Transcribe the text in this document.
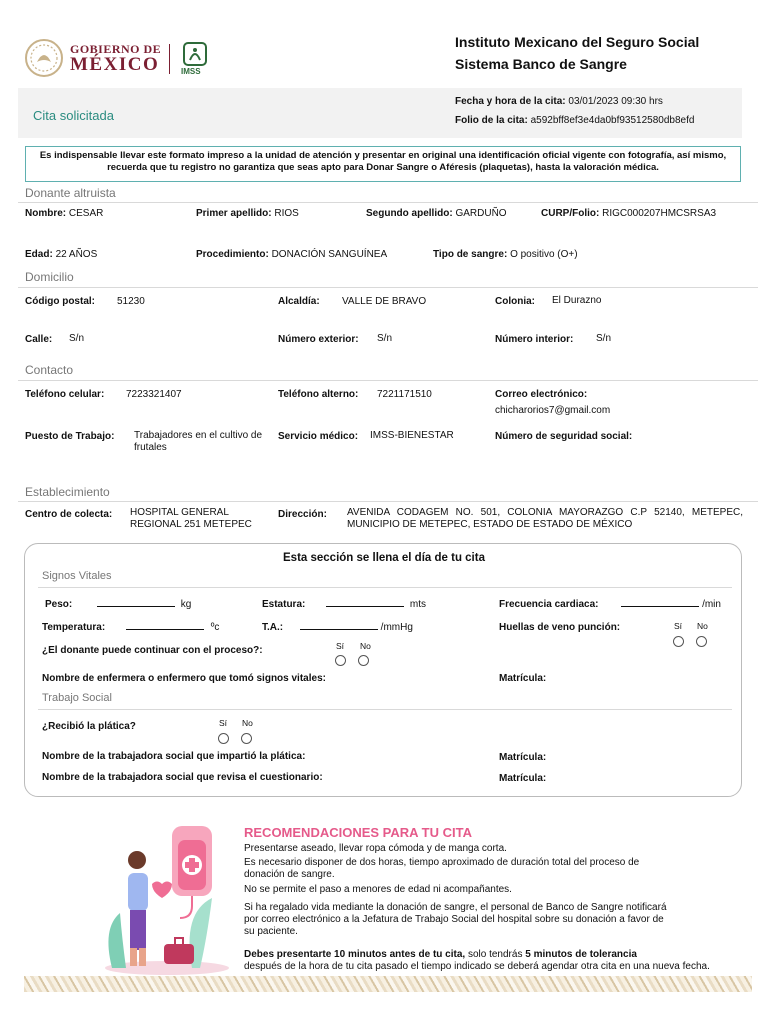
GOBIERNO DE
MÉXICO	IMSS
Instituto Mexicano del Seguro Social
Sistema Banco de Sangre
Cita solicitada
Fecha y hora de la cita: 03/01/2023 09:30 hrs
Folio de la cita: a592bff8ef3e4da0bf93512580db8efd
Es indispensable llevar este formato impreso a la unidad de atención y presentar en original una identificación oficial vigente con fotografía, así mismo, recuerda que tu registro no garantiza que seas apto para Donar Sangre o Aféresis (plaquetas), hasta la valoración médica.
Donante altruista
Nombre: CESAR	Primer apellido: RIOS	Segundo apellido: GARDUÑO	CURP/Folio: RIGC000207HMCSRSA3
Edad: 22 AÑOS	Procedimiento: DONACIÓN SANGUÍNEA	Tipo de sangre: O positivo (O+)
Domicilio
Código postal: 51230	Alcaldía: VALLE DE BRAVO	Colonia: El Durazno
Calle: S/n	Número exterior: S/n	Número interior: S/n
Contacto
Teléfono celular: 7223321407	Teléfono alterno: 7221171510	Correo electrónico:
chicharorios7@gmail.com
Puesto de Trabajo: Trabajadores en el cultivo de frutales
Servicio médico: IMSS-BIENESTAR	Número de seguridad social:
Establecimiento
Centro de colecta: HOSPITAL GENERAL REGIONAL 251 METEPEC
Dirección: AVENIDA CODAGEM NO. 501, COLONIA MAYORAZGO C.P 52140, METEPEC, MUNICIPIO DE METEPEC, ESTADO DE ESTADO DE MÉXICO
Esta sección se llena el día de tu cita
Signos Vitales
Peso:	kg	Estatura:	mts	Frecuencia cardiaca:	/min
Temperatura:	ºc	T.A.:	/mmHg	Huellas de veno punción:	Sí No
¿El donante puede continuar con el proceso?:	Sí No
Nombre de enfermera o enfermero que tomó signos vitales:	Matrícula:
Trabajo Social
¿Recibió la plática?	Sí No
Nombre de la trabajadora social que impartió la plática:	Matrícula:
Nombre de la trabajadora social que revisa el cuestionario:	Matrícula:
RECOMENDACIONES PARA TU CITA
Presentarse aseado, llevar ropa cómoda y de manga corta.
Es necesario disponer de dos horas, tiempo aproximado de duración total del proceso de donación de sangre.
No se permite el paso a menores de edad ni acompañantes.
Si ha regalado vida mediante la donación de sangre, el personal de Banco de Sangre notificará por correo electrónico a la Jefatura de Trabajo Social del hospital sobre su donación a favor de su paciente.
Debes presentarte 10 minutos antes de tu cita, solo tendrás 5 minutos de tolerancia
después de la hora de tu cita pasado el tiempo indicado se deberá agendar otra cita en una nueva fecha.
